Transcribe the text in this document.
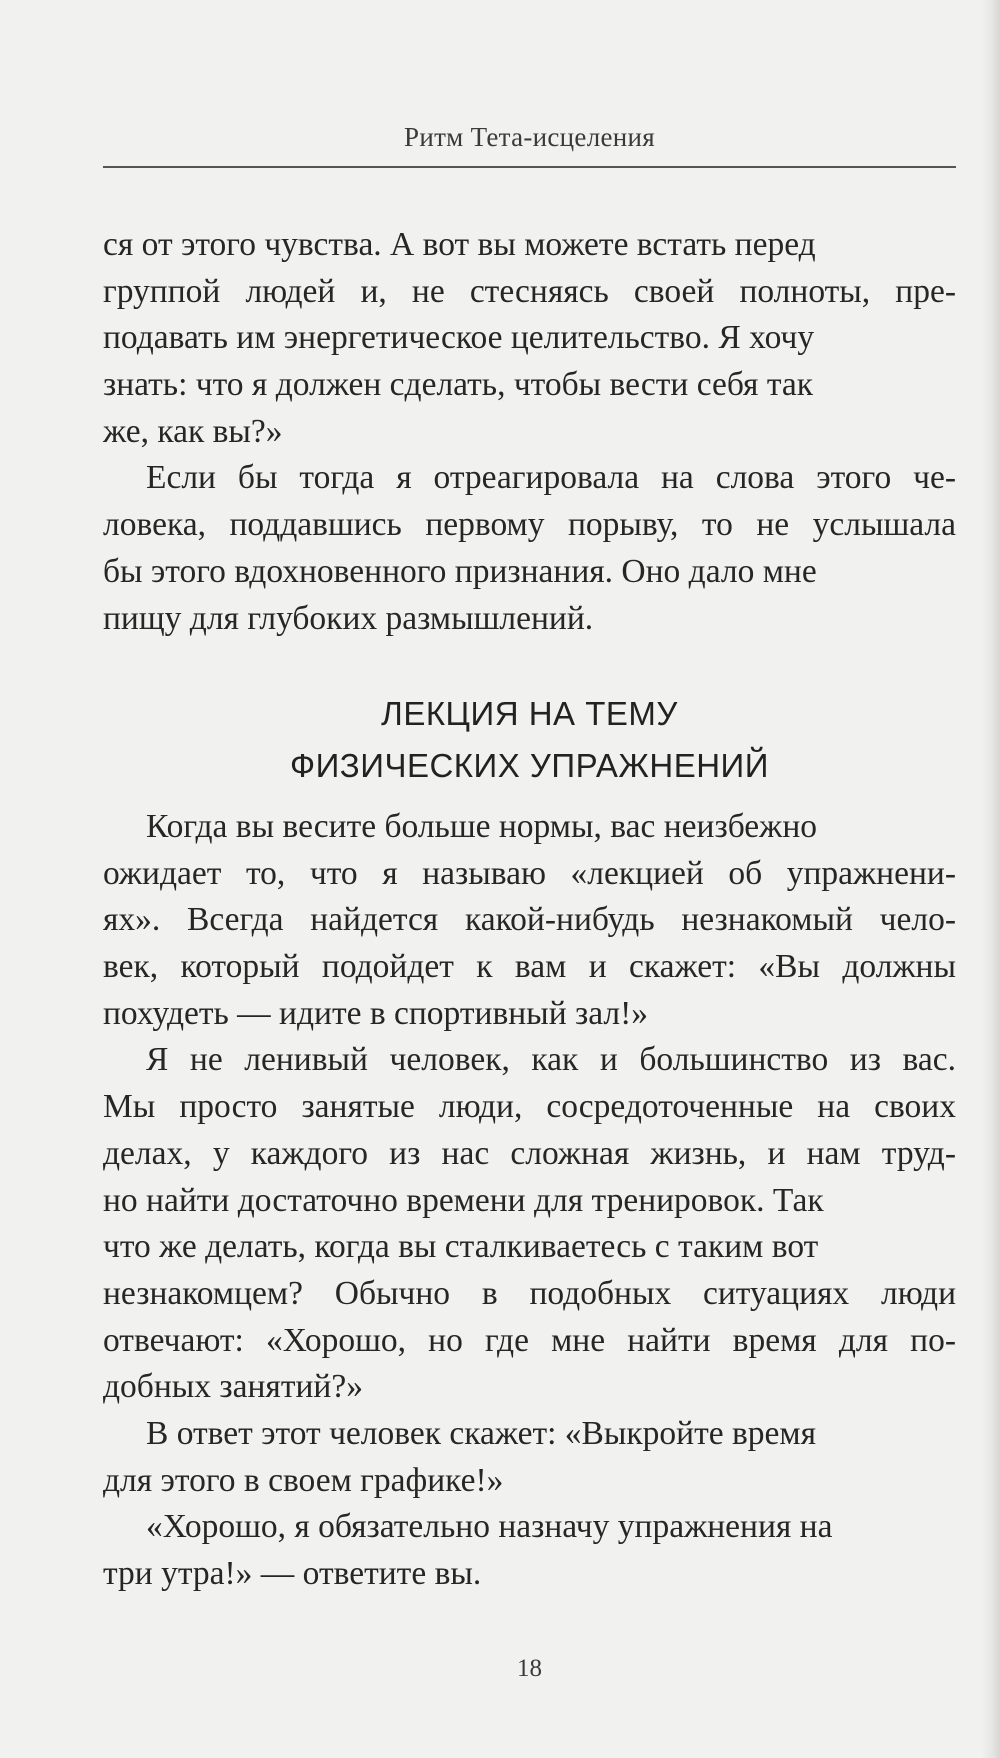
Ритм Тета-исцеления
ся от этого чувства. А вот вы можете встать перед
группой людей и, не стесняясь своей полноты, пре-
подавать им энергетическое целительство. Я хочу
знать: что я должен сделать, чтобы вести себя так
же, как вы?»
Если бы тогда я отреагировала на слова этого че-
ловека, поддавшись первому порыву, то не услышала
бы этого вдохновенного признания. Оно дало мне
пищу для глубоких размышлений.
ЛЕКЦИЯ НА ТЕМУ
ФИЗИЧЕСКИХ УПРАЖНЕНИЙ
Когда вы весите больше нормы, вас неизбежно
ожидает то, что я называю «лекцией об упражнени-
ях». Всегда найдется какой-нибудь незнакомый чело-
век, который подойдет к вам и скажет: «Вы должны
похудеть — идите в спортивный зал!»
Я не ленивый человек, как и большинство из вас.
Мы просто занятые люди, сосредоточенные на своих
делах, у каждого из нас сложная жизнь, и нам труд-
но найти достаточно времени для тренировок. Так
что же делать, когда вы сталкиваетесь с таким вот
незнакомцем? Обычно в подобных ситуациях люди
отвечают: «Хорошо, но где мне найти время для по-
добных занятий?»
В ответ этот человек скажет: «Выкройте время
для этого в своем графике!»
«Хорошо, я обязательно назначу упражнения на
три утра!» — ответите вы.
18
